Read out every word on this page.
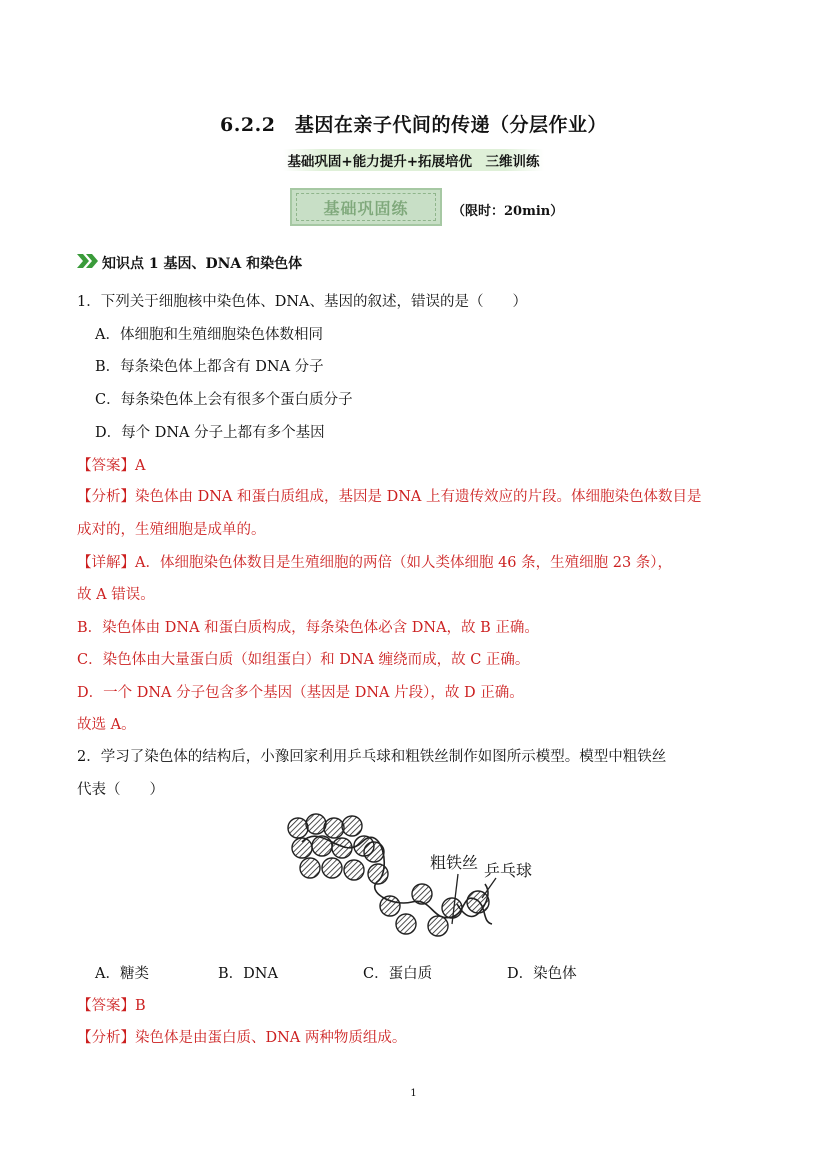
6.2.2　基因在亲子代间的传递（分层作业）
基础巩固+能力提升+拓展培优　三维训练
基础巩固练	（限时：20min）
知识点 1 基因、DNA 和染色体
1．下列关于细胞核中染色体、DNA、基因的叙述，错误的是（　　）
A．体细胞和生殖细胞染色体数相同
B．每条染色体上都含有 DNA 分子
C．每条染色体上会有很多个蛋白质分子
D．每个 DNA 分子上都有多个基因
【答案】A
【分析】染色体由 DNA 和蛋白质组成，基因是 DNA 上有遗传效应的片段。体细胞染色体数目是
成对的，生殖细胞是成单的。
【详解】A．体细胞染色体数目是生殖细胞的两倍（如人类体细胞 46 条，生殖细胞 23 条），
故 A 错误。
B．染色体由 DNA 和蛋白质构成，每条染色体必含 DNA，故 B 正确。
C．染色体由大量蛋白质（如组蛋白）和 DNA 缠绕而成，故 C 正确。
D．一个 DNA 分子包含多个基因（基因是 DNA 片段），故 D 正确。
故选 A。
2．学习了染色体的结构后，小豫回家利用乒乓球和粗铁丝制作如图所示模型。模型中粗铁丝
代表（　　）
粗铁丝 乒乓球
A．糖类	B．DNA	C．蛋白质	D．染色体
【答案】B
【分析】染色体是由蛋白质、DNA 两种物质组成。
1
